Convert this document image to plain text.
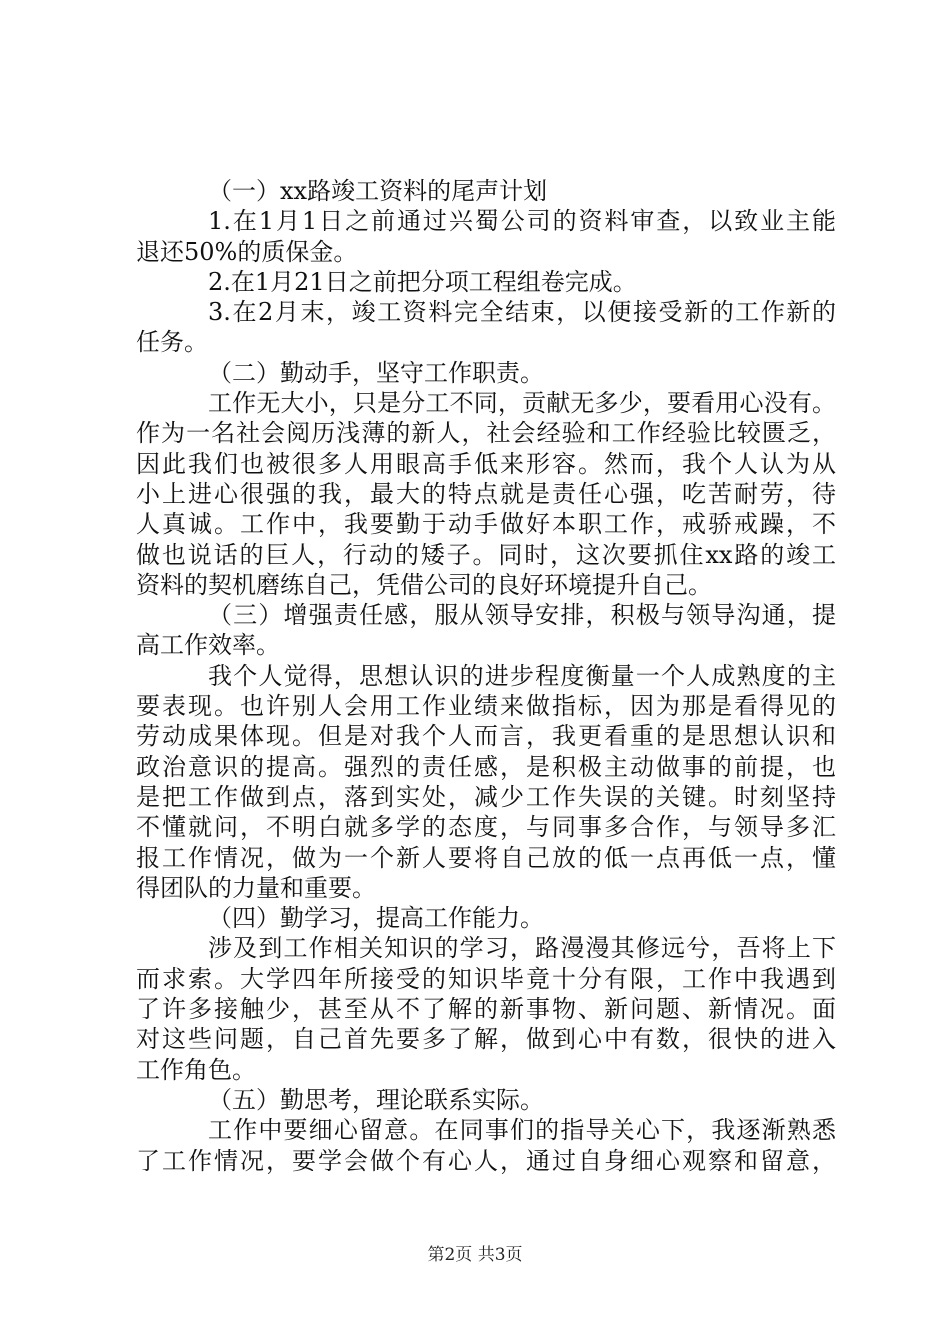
（一）xx路竣工资料的尾声计划
1.在1月1日之前通过兴蜀公司的资料审查，以致业主能
退还50%的质保金。
2.在1月21日之前把分项工程组卷完成。
3.在2月末，竣工资料完全结束，以便接受新的工作新的
任务。
（二）勤动手，坚守工作职责。
工作无大小，只是分工不同，贡献无多少，要看用心没有。
作为一名社会阅历浅薄的新人，社会经验和工作经验比较匮乏，
因此我们也被很多人用眼高手低来形容。然而，我个人认为从
小上进心很强的我，最大的特点就是责任心强，吃苦耐劳，待
人真诚。工作中，我要勤于动手做好本职工作，戒骄戒躁，不
做也说话的巨人，行动的矮子。同时，这次要抓住xx路的竣工
资料的契机磨练自己，凭借公司的良好环境提升自己。
（三）增强责任感，服从领导安排，积极与领导沟通，提
高工作效率。
我个人觉得，思想认识的进步程度衡量一个人成熟度的主
要表现。也许别人会用工作业绩来做指标，因为那是看得见的
劳动成果体现。但是对我个人而言，我更看重的是思想认识和
政治意识的提高。强烈的责任感，是积极主动做事的前提，也
是把工作做到点，落到实处，减少工作失误的关键。时刻坚持
不懂就问，不明白就多学的态度，与同事多合作，与领导多汇
报工作情况，做为一个新人要将自己放的低一点再低一点，懂
得团队的力量和重要。
（四）勤学习，提高工作能力。
涉及到工作相关知识的学习，路漫漫其修远兮，吾将上下
而求索。大学四年所接受的知识毕竟十分有限，工作中我遇到
了许多接触少，甚至从不了解的新事物、新问题、新情况。面
对这些问题，自己首先要多了解，做到心中有数，很快的进入
工作角色。
（五）勤思考，理论联系实际。
工作中要细心留意。在同事们的指导关心下，我逐渐熟悉
了工作情况，要学会做个有心人，通过自身细心观察和留意，
第2页 共3页
